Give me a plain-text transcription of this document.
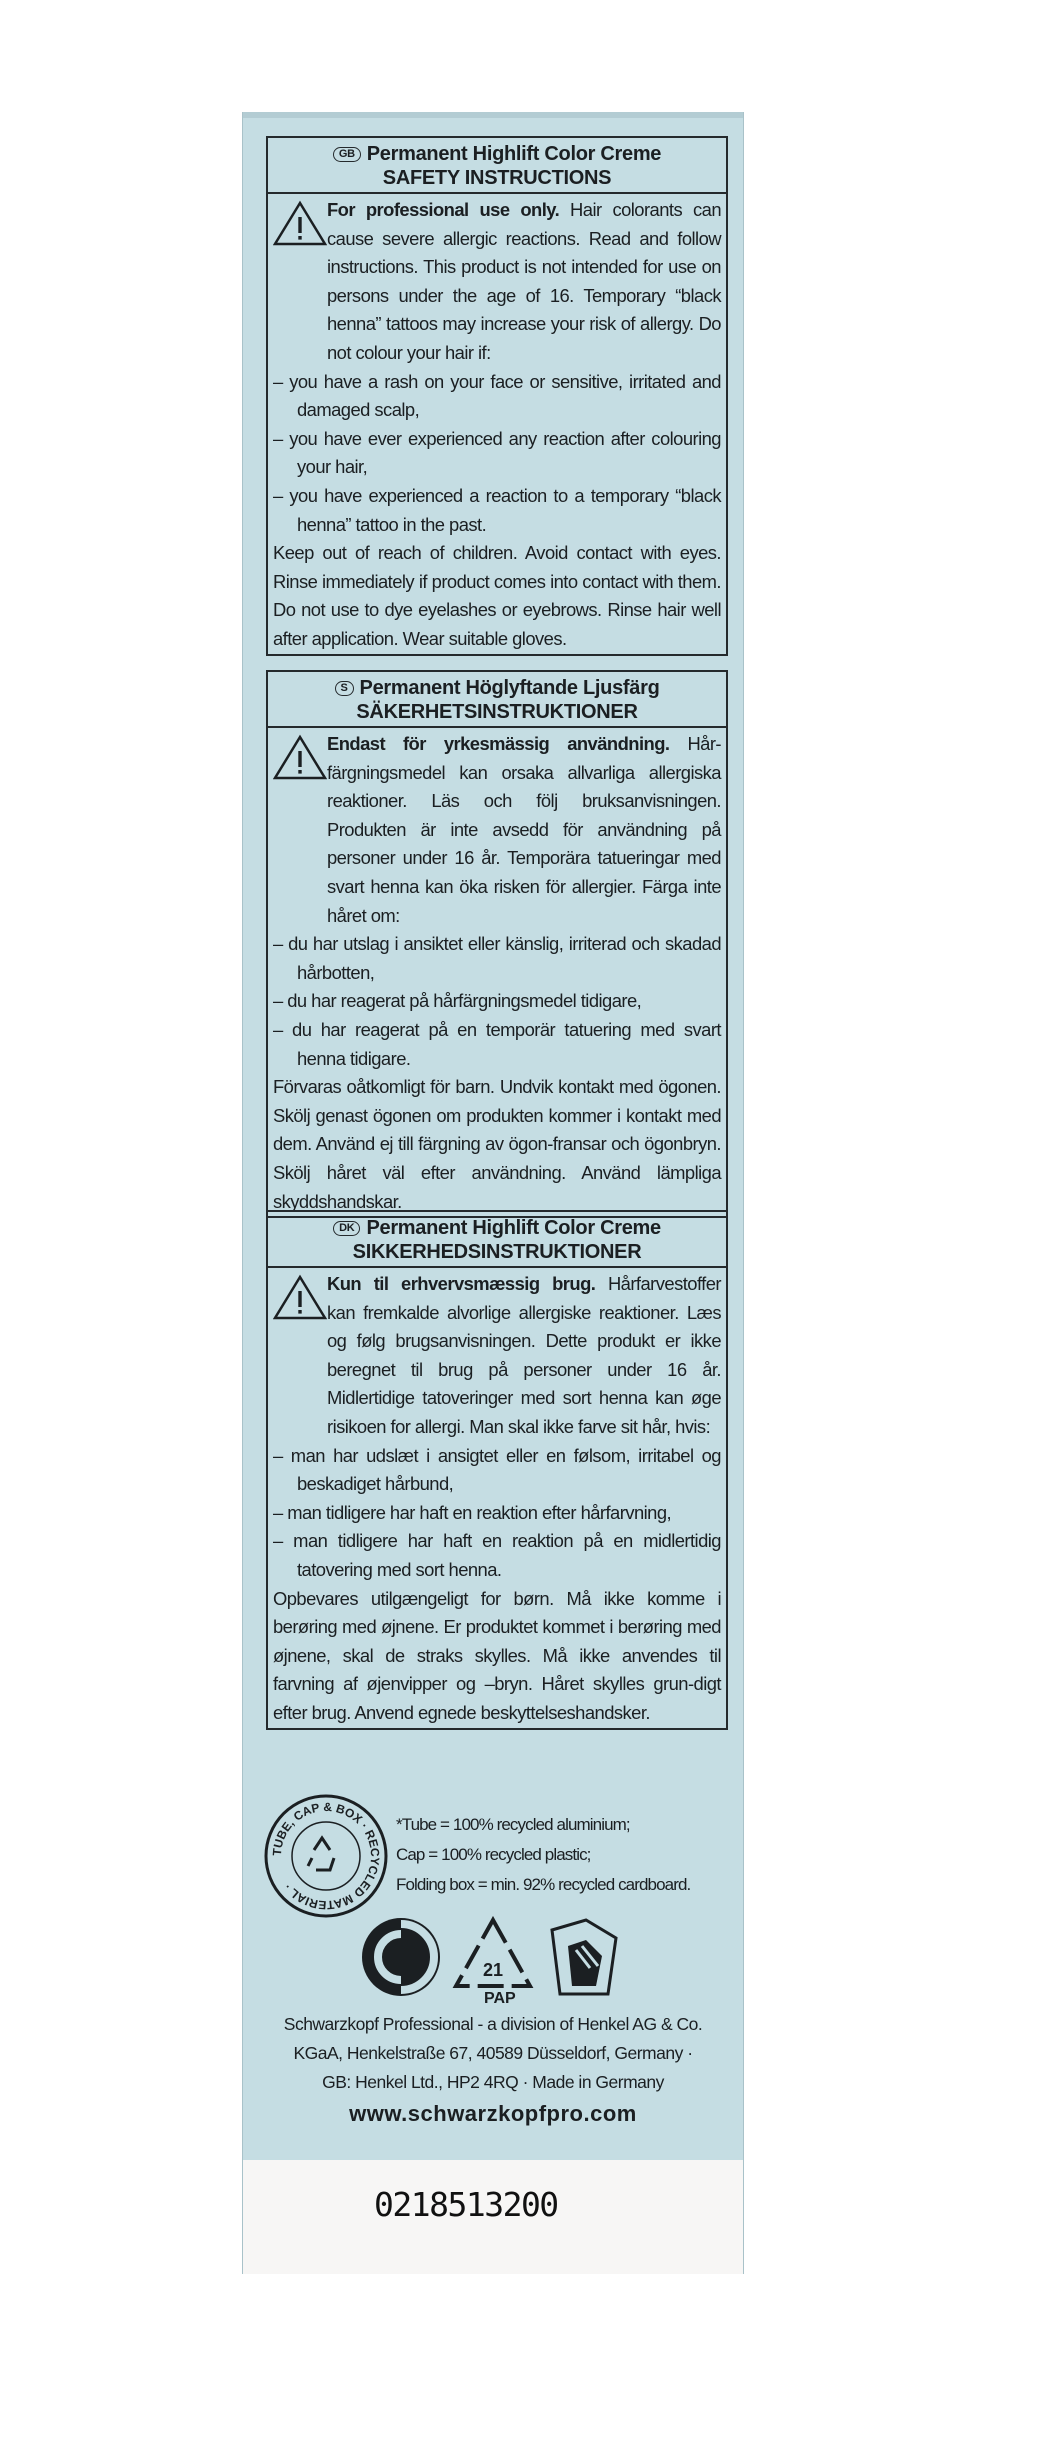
GB Permanent Highlift Color Creme
SAFETY INSTRUCTIONS
For professional use only. Hair colorants can cause severe allergic reactions. Read and follow instructions. This product is not intended for use on persons under the age of 16. Temporary “black henna” tattoos may increase your risk of allergy. Do not colour your hair if:
– you have a rash on your face or sensitive, irritated and damaged scalp,
– you have ever experienced any reaction after colouring your hair,
– you have experienced a reaction to a temporary “black henna” tattoo in the past.
Keep out of reach of children. Avoid contact with eyes. Rinse immediately if product comes into contact with them. Do not use to dye eyelashes or eyebrows. Rinse hair well after application. Wear suitable gloves.
S Permanent Höglyftande Ljusfärg
SÄKERHETSINSTRUKTIONER
Endast för yrkesmässig användning. Hår-färgningsmedel kan orsaka allvarliga allergiska reaktioner. Läs och följ bruksanvisningen. Produkten är inte avsedd för användning på personer under 16 år. Temporära tatueringar med svart henna kan öka risken för allergier. Färga inte håret om:
– du har utslag i ansiktet eller känslig, irriterad och skadad hårbotten,
– du har reagerat på hårfärgningsmedel tidigare,
– du har reagerat på en temporär tatuering med svart henna tidigare.
Förvaras oåtkomligt för barn. Undvik kontakt med ögonen. Skölj genast ögonen om produkten kommer i kontakt med dem. Använd ej till färgning av ögon-fransar och ögonbryn. Skölj håret väl efter användning. Använd lämpliga skyddshandskar.
DK Permanent Highlift Color Creme
SIKKERHEDSINSTRUKTIONER
Kun til erhvervsmæssig brug. Hårfarvestoffer kan fremkalde alvorlige allergiske reaktioner. Læs og følg brugsanvisningen. Dette produkt er ikke beregnet til brug på personer under 16 år. Midlertidige tatoveringer med sort henna kan øge risikoen for allergi. Man skal ikke farve sit hår, hvis:
– man har udslæt i ansigtet eller en følsom, irritabel og beskadiget hårbund,
– man tidligere har haft en reaktion efter hårfarvning,
– man tidligere har haft en reaktion på en midlertidig tatovering med sort henna.
Opbevares utilgængeligt for børn. Må ikke komme i berøring med øjnene. Er produktet kommet i berøring med øjnene, skal de straks skylles. Må ikke anvendes til farvning af øjenvipper og –bryn. Håret skylles grun-digt efter brug. Anvend egnede beskyttelseshandsker.
TUBE, CAP & BOX · RECYCLED MATERIAL ·
*Tube = 100% recycled aluminium;
Cap = 100% recycled plastic;
Folding box = min. 92% recycled cardboard.
21
PAP
Schwarzkopf Professional - a division of Henkel AG & Co.
KGaA, Henkelstraße 67, 40589 Düsseldorf, Germany ·
GB: Henkel Ltd., HP2 4RQ · Made in Germany
www.schwarzkopfpro.com
0218513200
